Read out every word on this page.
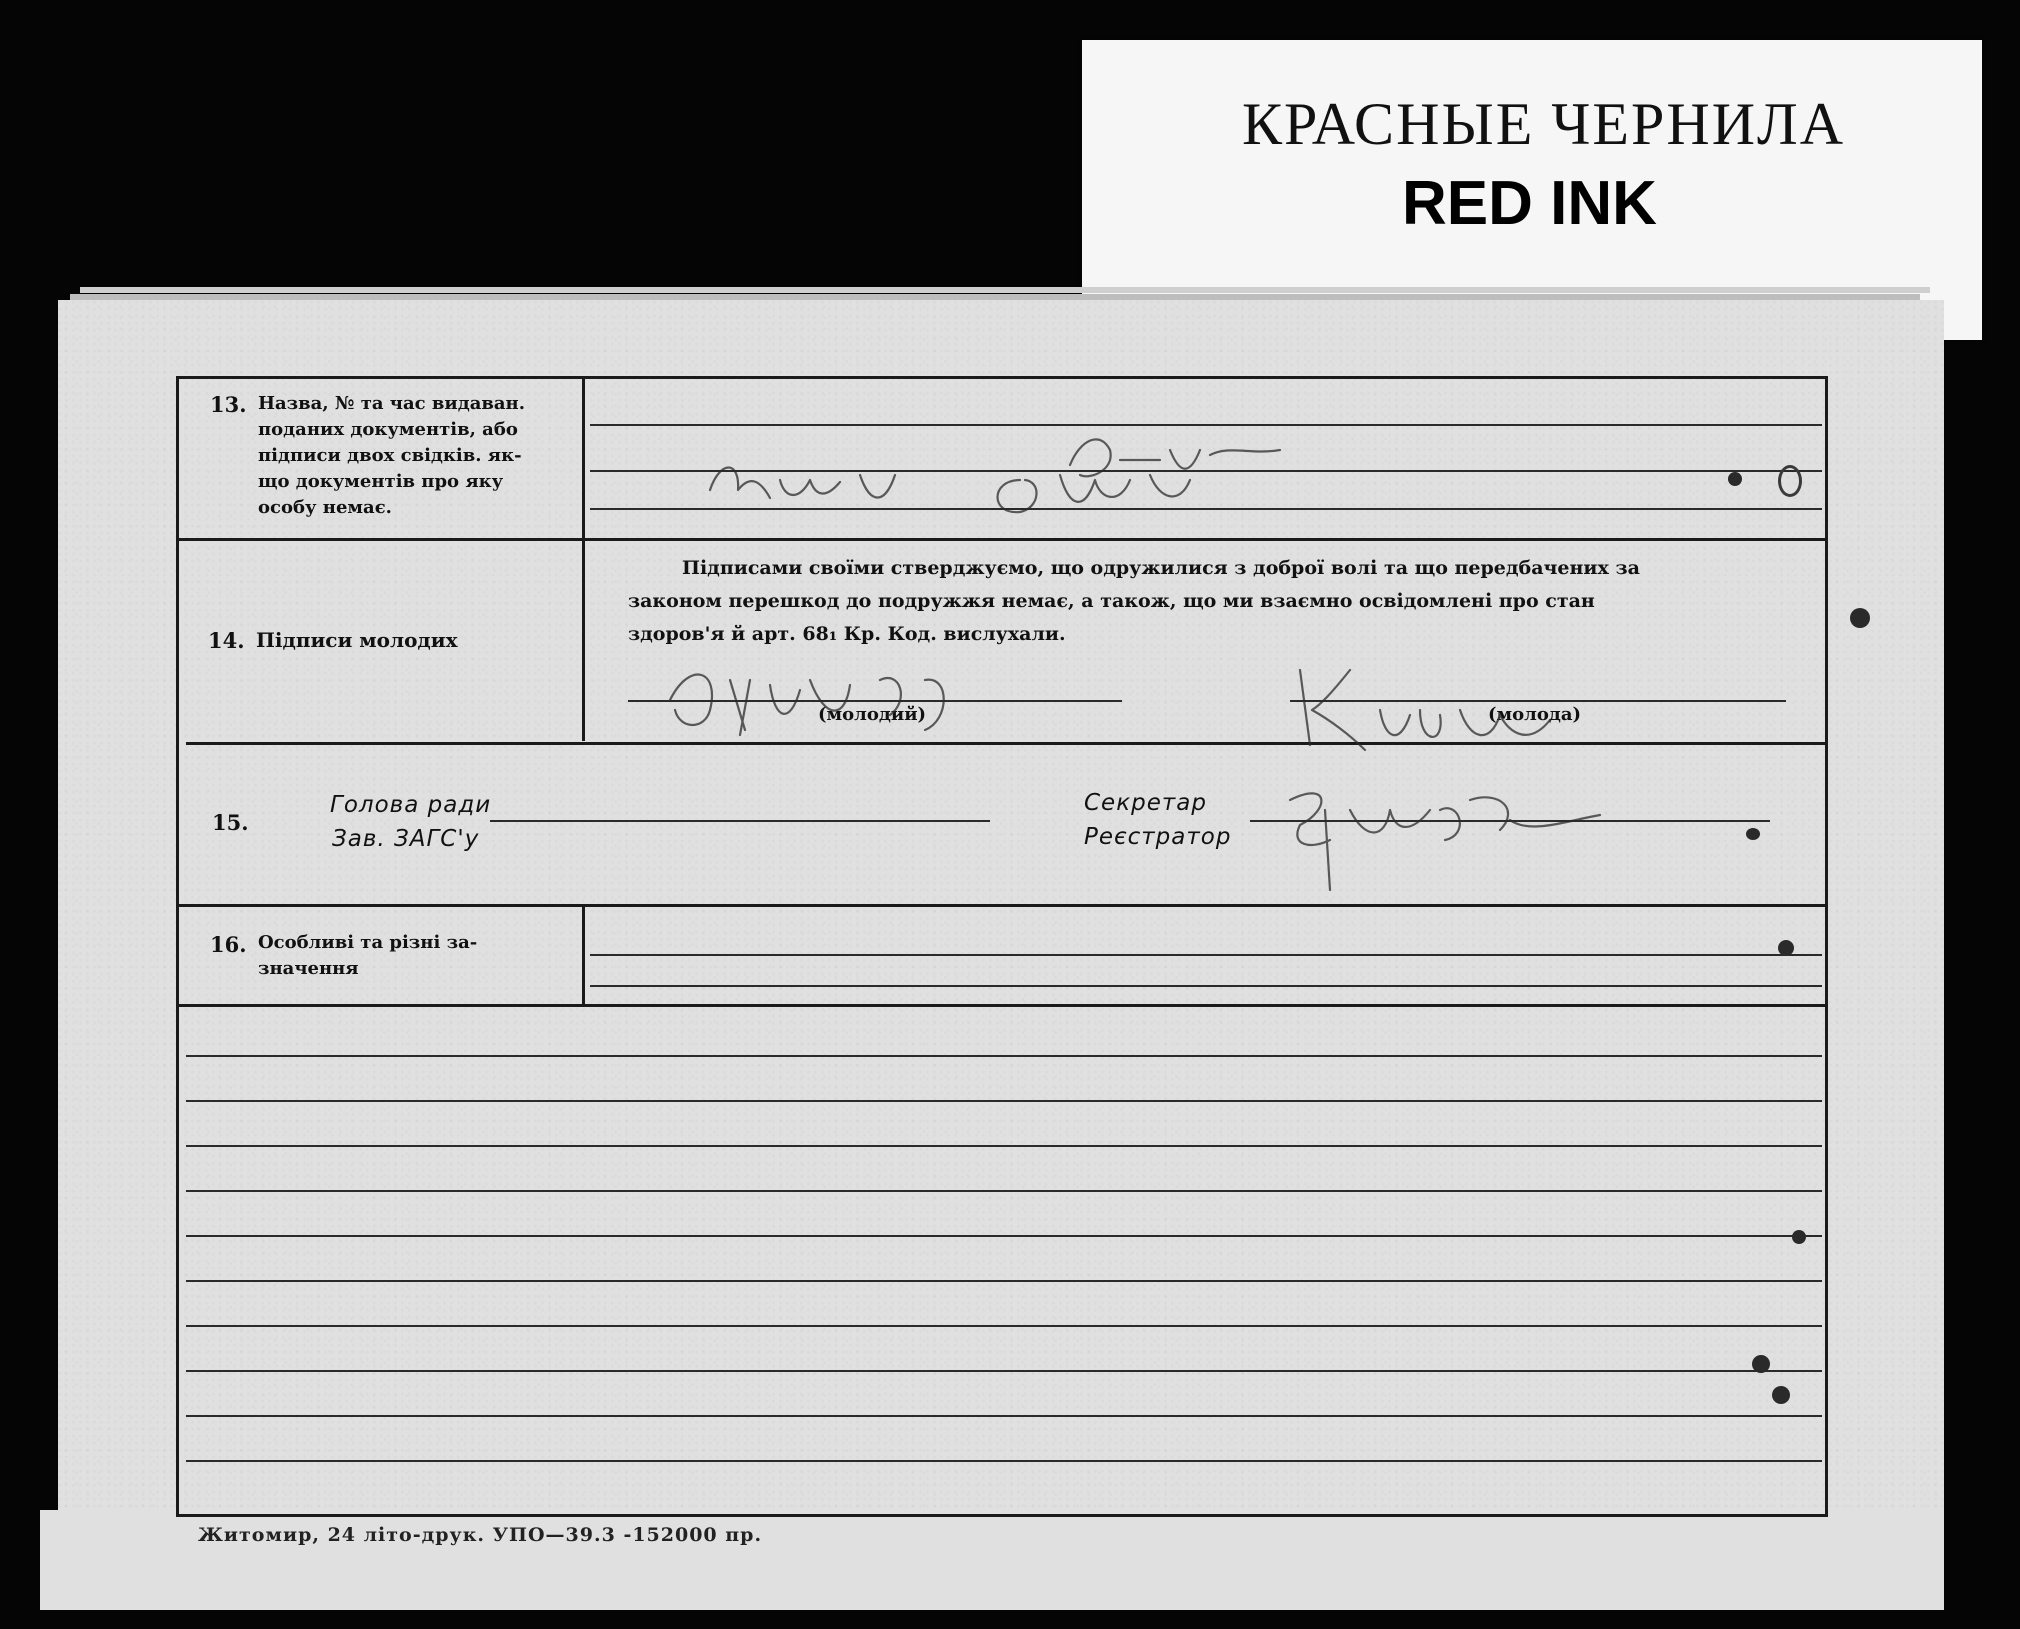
КРАСНЫЕ ЧЕРНИЛА
RED INK
13. Назва, № та час видаван.
поданих документів, або
підписи двох свідків. як-
що документів про яку
особу немає.
14. Підписи молодих
Підписами своїми стверджуємо, що одружилися з доброї волі та що передбачених за
законом перешкод до подружжя немає, а також, що ми взаємно освідомлені про стан
здоров'я й арт. 68₁ Кр. Код. вислухали.
(молодий)	(молода)
15.
Голова ради
Зав. ЗАГС'у
Секретар
Реєстратор
16. Особливі та різні за-
значення
Житомир, 24 літо-друк. УПО—39.3 -152000 пр.
